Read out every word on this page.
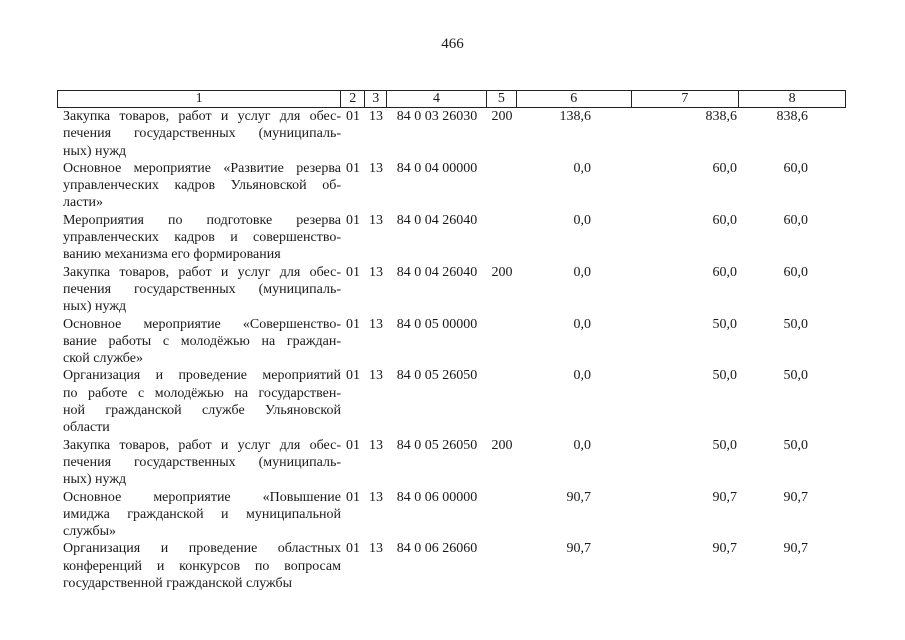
466
1	2	3	4	5	6	7	8
Закупка товаров, работ и услуг для обес-
печения государственных (муниципаль-
ных) нужд
01 13 84 0 03 26030	200	138,6	838,6	838,6
Основное мероприятие «Развитие резерва
управленческих кадров Ульяновской об-
ласти»
01 13 84 0 04 00000	0,0	60,0	60,0
Мероприятия по подготовке резерва
управленческих кадров и совершенство-
ванию механизма его формирования
01 13 84 0 04 26040	0,0	60,0	60,0
Закупка товаров, работ и услуг для обес-
печения государственных (муниципаль-
ных) нужд
01 13 84 0 04 26040	200	0,0	60,0	60,0
Основное мероприятие «Совершенство-
вание работы с молодёжью на граждан-
ской службе»
01 13 84 0 05 00000	0,0	50,0	50,0
Организация и проведение мероприятий
по работе с молодёжью на государствен-
ной гражданской службе Ульяновской
области
01 13 84 0 05 26050	0,0	50,0	50,0
Закупка товаров, работ и услуг для обес-
печения государственных (муниципаль-
ных) нужд
01 13 84 0 05 26050	200	0,0	50,0	50,0
Основное мероприятие «Повышение
имиджа гражданской и муниципальной
службы»
01 13 84 0 06 00000	90,7	90,7	90,7
Организация и проведение областных
конференций и конкурсов по вопросам
государственной гражданской службы
01 13 84 0 06 26060	90,7	90,7	90,7
